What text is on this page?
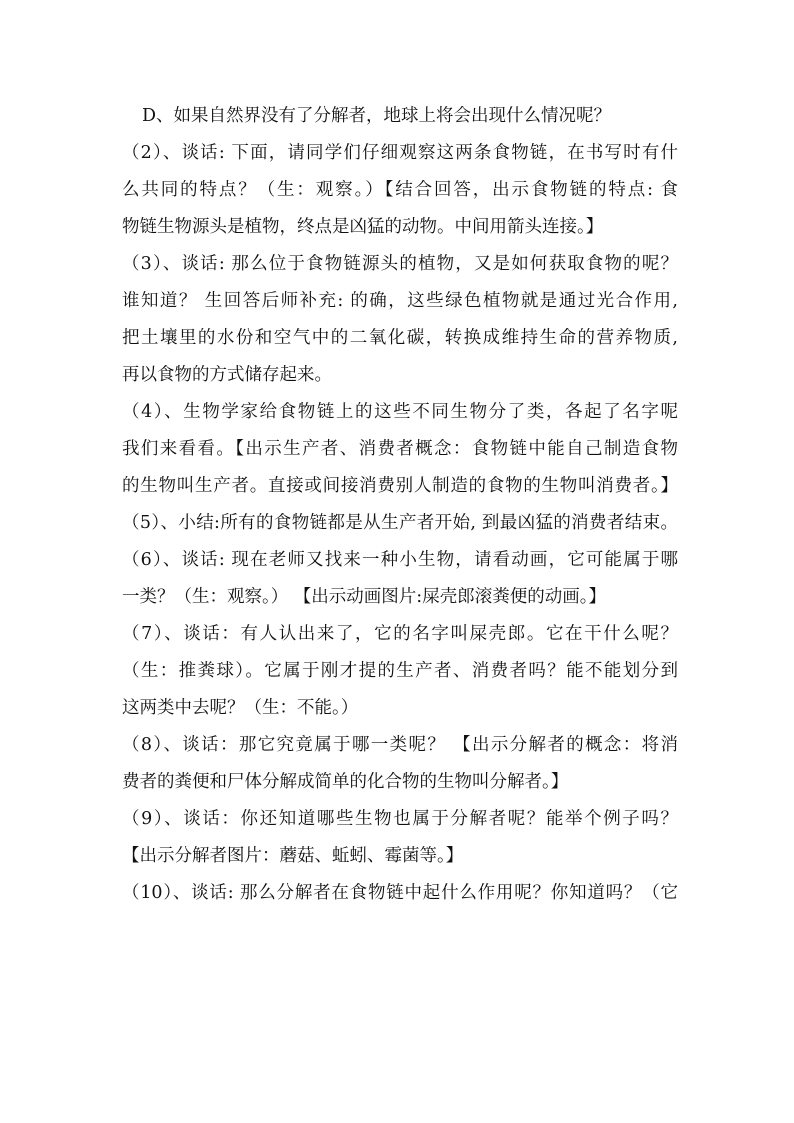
D、如果自然界没有了分解者，地球上将会出现什么情况呢？
（2）、谈话: 下面，请同学们仔细观察这两条食物链，在书写时有什
么共同的特点？（生：观察。）【结合回答，出示食物链的特点: 食
物链生物源头是植物，终点是凶猛的动物。中间用箭头连接。】
（3）、谈话: 那么位于食物链源头的植物，又是如何获取食物的呢？
谁知道？ 生回答后师补充: 的确，这些绿色植物就是通过光合作用,
把土壤里的水份和空气中的二氧化碳，转换成维持生命的营养物质,
再以食物的方式储存起来。
（4）、生物学家给食物链上的这些不同生物分了类，各起了名字呢
我们来看看。【出示生产者、消费者概念：食物链中能自己制造食物
的生物叫生产者。直接或间接消费别人制造的食物的生物叫消费者。】
（5）、小结:所有的食物链都是从生产者开始, 到最凶猛的消费者结束。
（6）、谈话: 现在老师又找来一种小生物，请看动画，它可能属于哪
一类？（生：观察。） 【出示动画图片:屎壳郎滚粪便的动画。】
（7）、谈话：有人认出来了，它的名字叫屎壳郎。它在干什么呢？
（生：推粪球）。它属于刚才提的生产者、消费者吗？能不能划分到
这两类中去呢？（生：不能。）
（8）、谈话：那它究竟属于哪一类呢？ 【出示分解者的概念：将消
费者的粪便和尸体分解成简单的化合物的生物叫分解者。】
（9）、谈话：你还知道哪些生物也属于分解者呢？能举个例子吗？
【出示分解者图片：蘑菇、蚯蚓、霉菌等。】
（10）、谈话: 那么分解者在食物链中起什么作用呢？你知道吗？（它
